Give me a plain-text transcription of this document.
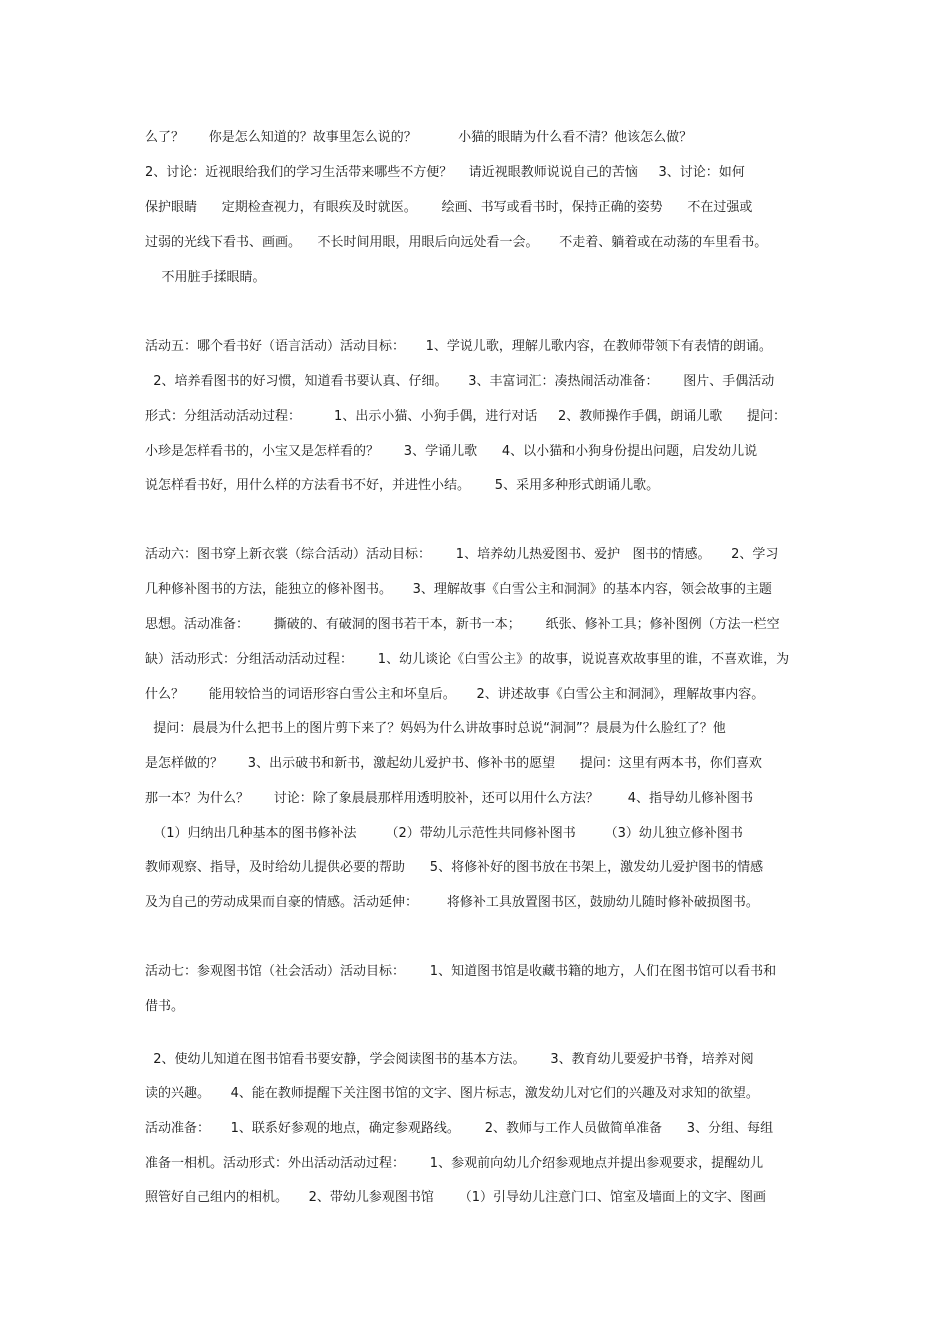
么了？      你是怎么知道的？故事里怎么说的？          小猫的眼睛为什么看不清？他该怎么做？
2、讨论：近视眼给我们的学习生活带来哪些不方便？    请近视眼教师说说自己的苦恼     3、讨论：如何
保护眼睛      定期检查视力，有眼疾及时就医。      绘画、书写或看书时，保持正确的姿势      不在过强或
过弱的光线下看书、画画。    不长时间用眼，用眼后向远处看一会。     不走着、躺着或在动荡的车里看书。
不用脏手揉眼睛。
活动五：哪个看书好（语言活动）活动目标：     1、学说儿歌，理解儿歌内容，在教师带领下有表情的朗诵。
2、培养看图书的好习惯，知道看书要认真、仔细。     3、丰富词汇：凑热闹活动准备：      图片、手偶活动
形式：分组活动活动过程：        1、出示小猫、小狗手偶，进行对话     2、教师操作手偶，朗诵儿歌      提问：
小珍是怎样看书的，小宝又是怎样看的？      3、学诵儿歌      4、以小猫和小狗身份提出问题，启发幼儿说
说怎样看书好，用什么样的方法看书不好，并进性小结。      5、采用多种形式朗诵儿歌。
活动六：图书穿上新衣裳（综合活动）活动目标：      1、培养幼儿热爱图书、爱护   图书的情感。     2、学习
几种修补图书的方法，能独立的修补图书。     3、理解故事《白雪公主和洞洞》的基本内容，领会故事的主题
思想。活动准备：      撕破的、有破洞的图书若干本，新书一本；      纸张、修补工具；修补图例（方法一栏空
缺）活动形式：分组活动活动过程：      1、幼儿谈论《白雪公主》的故事，说说喜欢故事里的谁，不喜欢谁，为
什么？      能用较恰当的词语形容白雪公主和坏皇后。     2、讲述故事《白雪公主和洞洞》，理解故事内容。
提问：晨晨为什么把书上的图片剪下来了？妈妈为什么讲故事时总说“洞洞”？晨晨为什么脸红了？他
是怎样做的？      3、出示破书和新书，激起幼儿爱护书、修补书的愿望      提问：这里有两本书，你们喜欢
那一本？为什么？      讨论：除了象晨晨那样用透明胶补，还可以用什么方法？       4、指导幼儿修补图书
（1）归纳出几种基本的图书修补法       （2）带幼儿示范性共同修补图书       （3）幼儿独立修补图书
教师观察、指导，及时给幼儿提供必要的帮助      5、将修补好的图书放在书架上，激发幼儿爱护图书的情感
及为自己的劳动成果而自豪的情感。活动延伸：       将修补工具放置图书区，鼓励幼儿随时修补破损图书。
活动七：参观图书馆（社会活动）活动目标：      1、知道图书馆是收藏书籍的地方，人们在图书馆可以看书和
借书。
2、使幼儿知道在图书馆看书要安静，学会阅读图书的基本方法。      3、教育幼儿要爱护书脊，培养对阅
读的兴趣。     4、能在教师提醒下关注图书馆的文字、图片标志，激发幼儿对它们的兴趣及对求知的欲望。
活动准备：     1、联系好参观的地点，确定参观路线。      2、教师与工作人员做简单准备      3、分组、每组
准备一相机。活动形式：外出活动活动过程：      1、参观前向幼儿介绍参观地点并提出参观要求，提醒幼儿
照管好自己组内的相机。     2、带幼儿参观图书馆      （1）引导幼儿注意门口、馆室及墙面上的文字、图画
